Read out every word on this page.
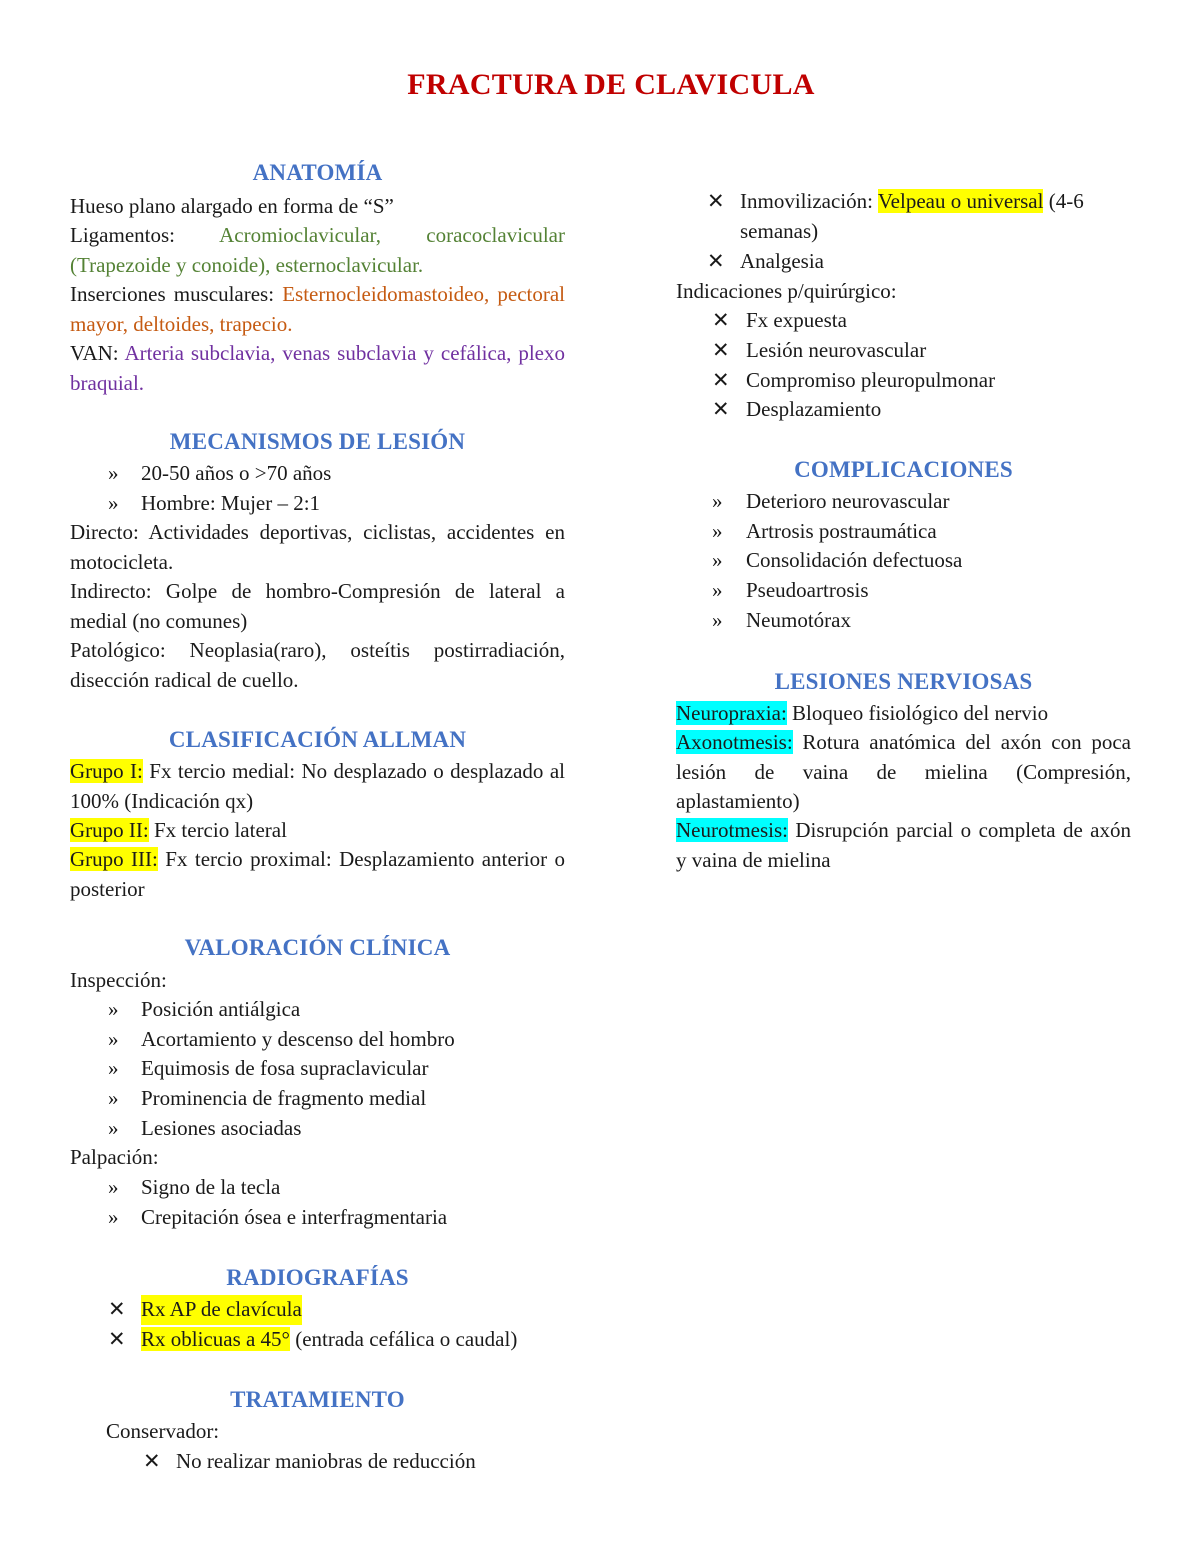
FRACTURA DE CLAVICULA
ANATOMÍA

Hueso plano alargado en forma de “S”

Ligamentos: Acromioclavicular, coracoclavicular (Trapezoide y conoide), esternoclavicular.

Inserciones musculares: Esternocleidomastoideo, pectoral mayor, deltoides, trapecio.

VAN: Arteria subclavia, venas subclavia y cefálica, plexo braquial.

MECANISMOS DE LESIÓN
» 20-50 años o >70 años
» Hombre: Mujer – 2:1

Directo: Actividades deportivas, ciclistas, accidentes en motocicleta.

Indirecto: Golpe de hombro-Compresión de lateral a medial (no comunes)

Patológico: Neoplasia(raro), osteítis postirradiación, disección radical de cuello.

CLASIFICACIÓN ALLMAN

Grupo I: Fx tercio medial: No desplazado o desplazado al 100% (Indicación qx)

Grupo II: Fx tercio lateral

Grupo III: Fx tercio proximal: Desplazamiento anterior o posterior

VALORACIÓN CLÍNICA

Inspección:

» Posición antiálgica
» Acortamiento y descenso del hombro
» Equimosis de fosa supraclavicular
» Prominencia de fragmento medial
» Lesiones asociadas

Palpación:

» Signo de la tecla
» Crepitación ósea e interfragmentaria
RADIOGRAFÍAS
✕ Rx AP de clavícula
✕ Rx oblicuas a 45° (entrada cefálica o caudal)
TRATAMIENTO

Conservador:

✕ No realizar maniobras de reducción
✕ Inmovilización: Velpeau o universal (4-6
semanas)
✕ Analgesia

Indicaciones p/quirúrgico:

✕ Fx expuesta
✕ Lesión neurovascular
✕ Compromiso pleuropulmonar
✕ Desplazamiento
COMPLICACIONES
» Deterioro neurovascular
» Artrosis postraumática
» Consolidación defectuosa
» Pseudoartrosis
» Neumotórax
LESIONES NERVIOSAS

Neuropraxia: Bloqueo fisiológico del nervio

Axonotmesis: Rotura anatómica del axón con poca lesión de vaina de mielina (Compresión, aplastamiento)

Neurotmesis: Disrupción parcial o completa de axón y vaina de mielina
